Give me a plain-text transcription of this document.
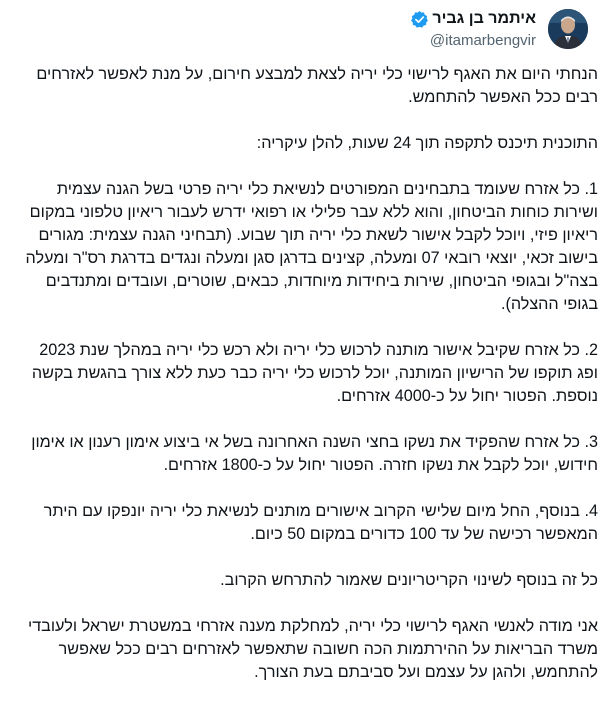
איתמר בן גביר
@itamarbengvir

הנחתי היום את האגף לרישוי כלי יריה לצאת למבצע חירום, על מנת לאפשר לאזרחים רבים ככל האפשר להתחמש.

התוכנית תיכנס לתקפה תוך 24 שעות, להלן עיקריה:

1. כל אזרח שעומד בתבחינים המפורטים לנשיאת כלי יריה פרטי בשל הגנה עצמית ושירות כוחות הביטחון, והוא ללא עבר פלילי או רפואי ידרש לעבור ריאיון טלפוני במקום ריאיון פיזי, ויוכל לקבל אישור לשאת כלי יריה תוך שבוע. (תבחיני הגנה עצמית: מגורים בישוב זכאי, יוצאי רובאי 07 ומעלה, קצינים בדרגן סגן ומעלה ונגדים בדרגת רס"ר ומעלה בצה"ל ובגופי הביטחון, שירות ביחידות מיוחדות, כבאים, שוטרים, ועובדים ומתנדבים בגופי ההצלה).

2. כל אזרח שקיבל אישור מותנה לרכוש כלי יריה ולא רכש כלי יריה במהלך שנת 2023 ופג תוקפו של הרישיון המותנה, יוכל לרכוש כלי יריה כבר כעת ללא צורך בהגשת בקשה נוספת. הפטור יחול על כ-4000 אזרחים.

3. כל אזרח שהפקיד את נשקו בחצי השנה האחרונה בשל אי ביצוע אימון רענון או אימון חידוש, יוכל לקבל את נשקו חזרה. הפטור יחול על כ-1800 אזרחים.

4. בנוסף, החל מיום שלישי הקרוב אישורים מותנים לנשיאת כלי יריה יונפקו עם היתר המאפשר רכישה של עד 100 כדורים במקום 50 כיום.

כל זה בנוסף לשינוי הקריטריונים שאמור להתרחש הקרוב.

אני מודה לאנשי האגף לרישוי כלי יריה, למחלקת מענה אזרחי במשטרת ישראל ולעובדי משרד הבריאות על ההירתמות הכה חשובה שתאפשר לאזרחים רבים ככל שאפשר להתחמש, ולהגן על עצמם ועל סביבתם בעת הצורך.
